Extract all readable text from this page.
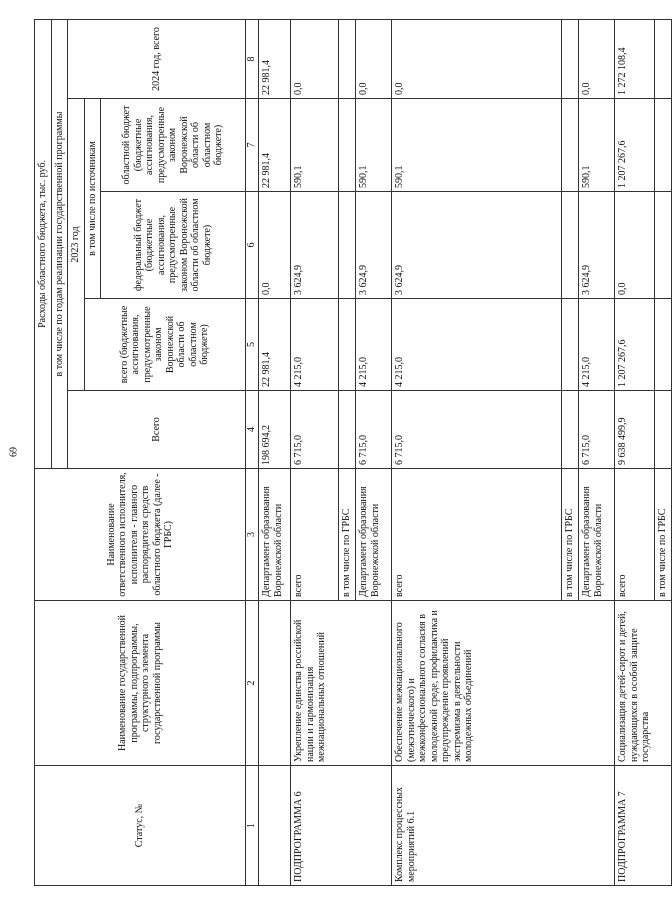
69
Статус, №	Наименование государственной программы, подпрограммы, структурного элемента государственной программы	Наименование ответственного исполнителя, исполнителя - главного распорядителя средств областного бюджета (далее - ГРБС)	Расходы областного бюджета, тыс. руб.				
			в том числе по годам реализации государственной программы				
			Всего	2023 год			2024 год, всего
				всего (бюджетные ассигнования, предусмотренные законом Воронежской области об областном бюджете)	в том числе по источникам		
					федеральный бюджет (бюджетные ассигнования, предусмотренные законом Воронежской области об областном бюджете)	областной бюджет (бюджетные ассигнования, предусмотренные законом Воронежской области об областном бюджете)	
1	2	3	4	5	6	7	8
		Департамент образования Воронежской области	198 694,2	22 981,4	0,0	22 981,4	22 981,4
ПОДПРОГРАММА 6	Укрепление единства российской нации и гармонизация межнациональных отношений	всего	6 715,0	4 215,0	3 624,9	590,1	0,0
		в том числе по ГРБС					
		Департамент образования Воронежской области	6 715,0	4 215,0	3 624,9	590,1	0,0
Комплекс процессных мероприятий 6.1	Обеспечение межнационального (межэтнического) и межконфессионального согласия в молодежной среде, профилактика и предупреждение проявлений экстремизма в деятельности молодежных объединений	всего	6 715,0	4 215,0	3 624,9	590,1	0,0
		в том числе по ГРБС					
		Департамент образования Воронежской области	6 715,0	4 215,0	3 624,9	590,1	0,0
ПОДПРОГРАММА 7	Социализация детей-сирот и детей, нуждающихся в особой защите государства	всего	9 638 499,9	1 207 267,6	0,0	1 207 267,6	1 272 108,4
		в том числе по ГРБС					
